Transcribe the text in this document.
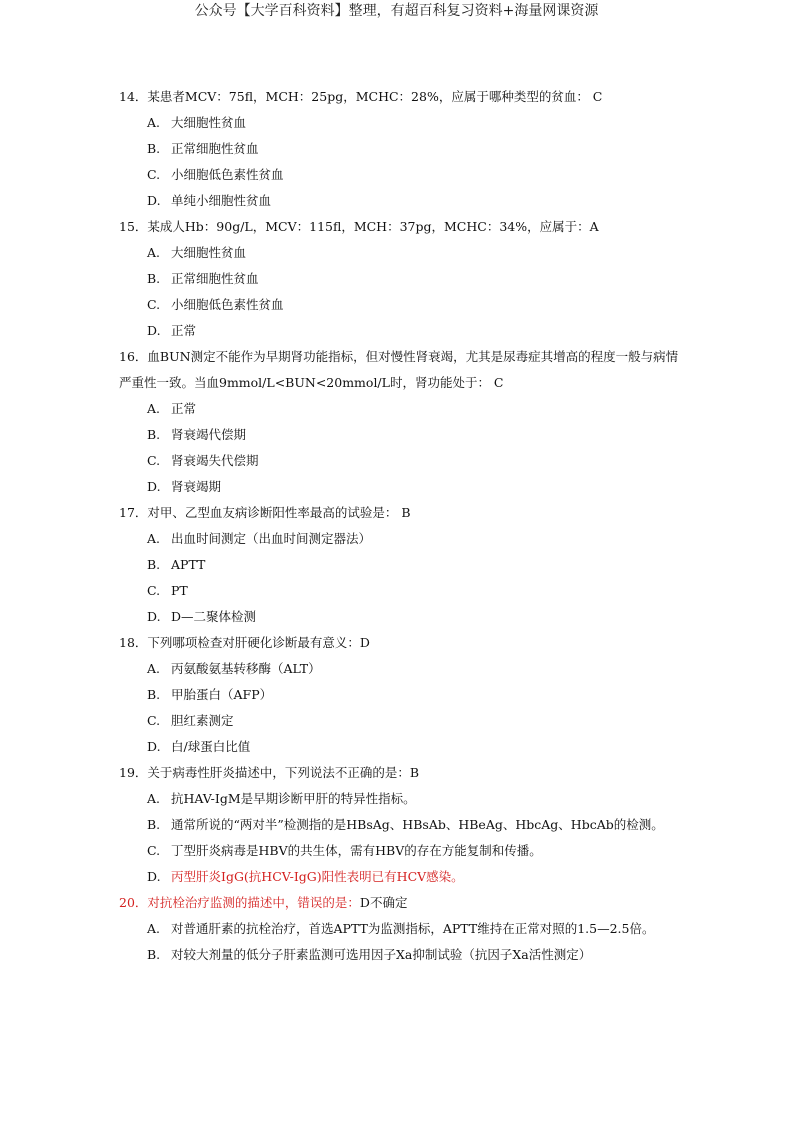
公众号【大学百科资料】整理，有超百科复习资料+海量网课资源
14．某患者MCV：75fl，MCH：25pg，MCHC：28%，应属于哪种类型的贫血： C
A. 大细胞性贫血
B. 正常细胞性贫血
C. 小细胞低色素性贫血
D. 单纯小细胞性贫血
15．某成人Hb：90g/L，MCV：115fl，MCH：37pg，MCHC：34%，应属于：A
A. 大细胞性贫血
B. 正常细胞性贫血
C. 小细胞低色素性贫血
D. 正常
16．血BUN测定不能作为早期肾功能指标，但对慢性肾衰竭，尤其是尿毒症其增高的程度一般与病情严重性一致。当血9mmol/L<BUN<20mmol/L时，肾功能处于： C
A. 正常
B. 肾衰竭代偿期
C. 肾衰竭失代偿期
D. 肾衰竭期
17．对甲、乙型血友病诊断阳性率最高的试验是： B
A. 出血时间测定（出血时间测定器法）
B. APTT
C. PT
D. D—二聚体检测
18．下列哪项检查对肝硬化诊断最有意义：D
A. 丙氨酸氨基转移酶（ALT）
B. 甲胎蛋白（AFP）
C. 胆红素测定
D. 白/球蛋白比值
19．关于病毒性肝炎描述中，下列说法不正确的是：B
A. 抗HAV-IgM是早期诊断甲肝的特异性指标。
B. 通常所说的“两对半”检测指的是HBsAg、HBsAb、HBeAg、HbcAg、HbcAb的检测。
C. 丁型肝炎病毒是HBV的共生体，需有HBV的存在方能复制和传播。
D. 丙型肝炎IgG(抗HCV-IgG)阳性表明已有HCV感染。
20．对抗栓治疗监测的描述中，错误的是：D不确定
A. 对普通肝素的抗栓治疗，首选APTT为监测指标，APTT维持在正常对照的1.5—2.5倍。
B. 对较大剂量的低分子肝素监测可选用因子Xa抑制试验（抗因子Xa活性测定）
